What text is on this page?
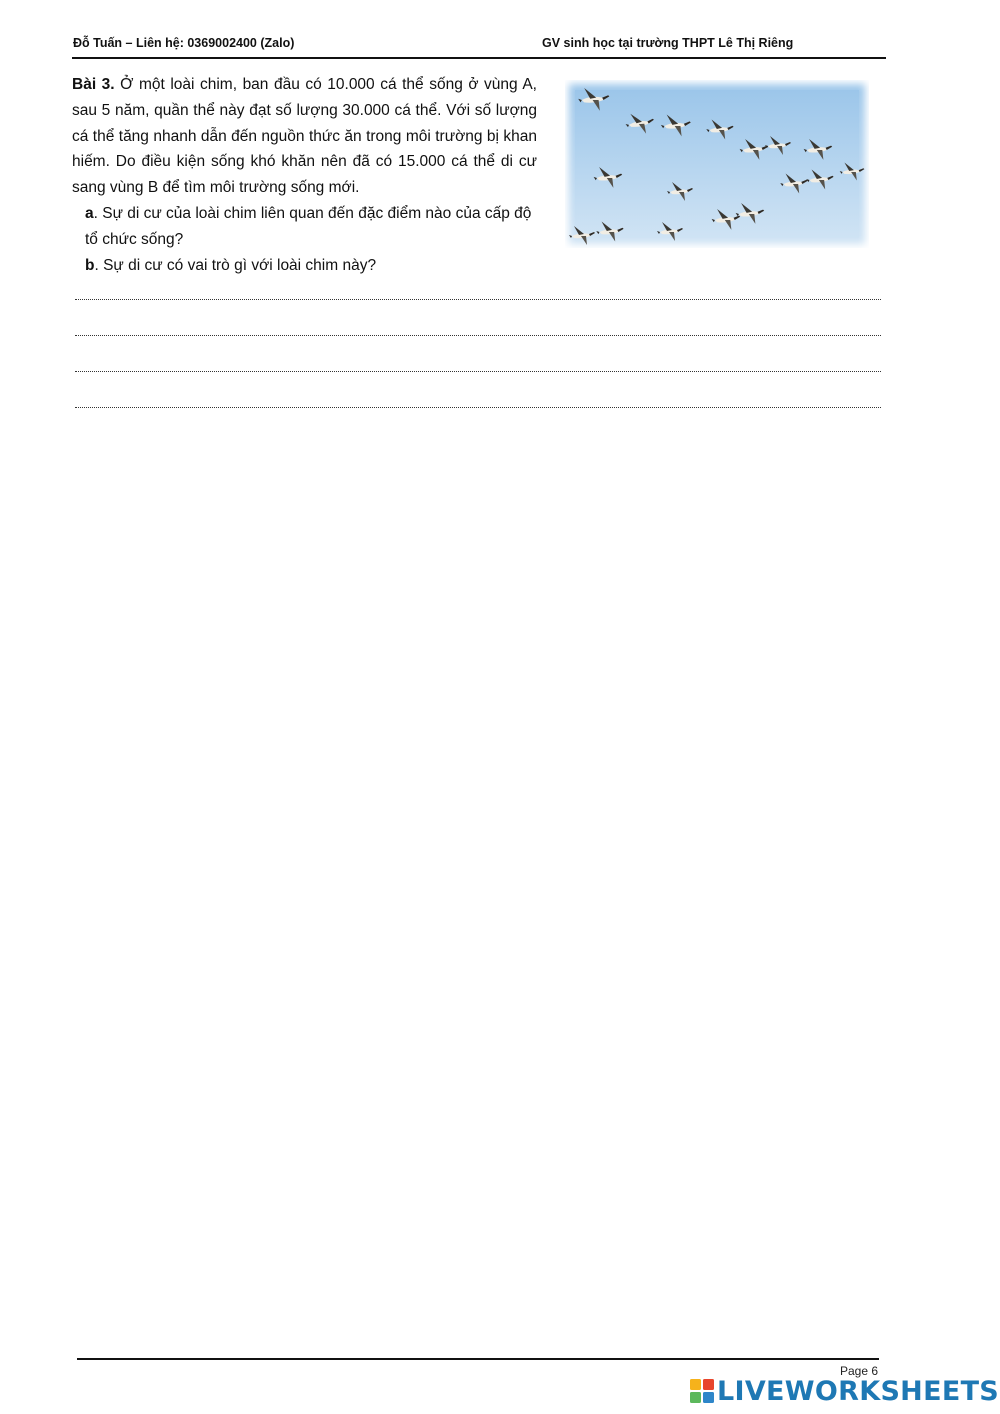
Đỗ Tuấn – Liên hệ: 0369002400 (Zalo)	GV sinh học tại trường THPT Lê Thị Riêng

Bài 3. Ở một loài chim, ban đầu có 10.000 cá thể sống ở vùng A, sau 5 năm, quần thể này đạt số lượng 30.000 cá thể. Với số lượng cá thể tăng nhanh dẫn đến nguồn thức ăn trong môi trường bị khan hiếm. Do điều kiện sống khó khăn nên đã có 15.000 cá thể di cư sang vùng B để tìm môi trường sống mới.

a. Sự di cư của loài chim liên quan đến đặc điểm nào của cấp độ tổ chức sống?

b. Sự di cư có vai trò gì với loài chim này?

Page 6
LIVEWORKSHEETS
